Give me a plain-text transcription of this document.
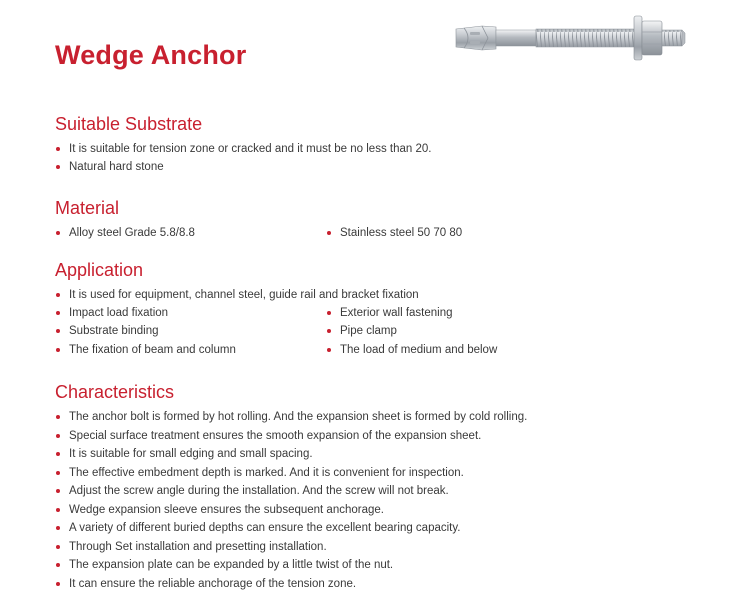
Wedge Anchor
Suitable Substrate
It is suitable for tension zone or cracked and it must be no less than 20.
Natural hard stone
Material
Alloy steel Grade 5.8/8.8	Stainless steel 50 70 80
Application
It is used for equipment, channel steel, guide rail and bracket fixation
Impact load fixation	Exterior wall fastening
Substrate binding	Pipe clamp
The fixation of beam and column	The load of medium and below
Characteristics
The anchor bolt is formed by hot rolling. And the expansion sheet is formed by cold rolling.
Special surface treatment ensures the smooth expansion of the expansion sheet.
It is suitable for small edging and small spacing.
The effective embedment depth is marked. And it is convenient for inspection.
Adjust the screw angle during the installation. And the screw will not break.
Wedge expansion sleeve ensures the subsequent anchorage.
A variety of different buried depths can ensure the excellent bearing capacity.
Through Set installation and presetting installation.
The expansion plate can be expanded by a little twist of the nut.
It can ensure the reliable anchorage of the tension zone.
